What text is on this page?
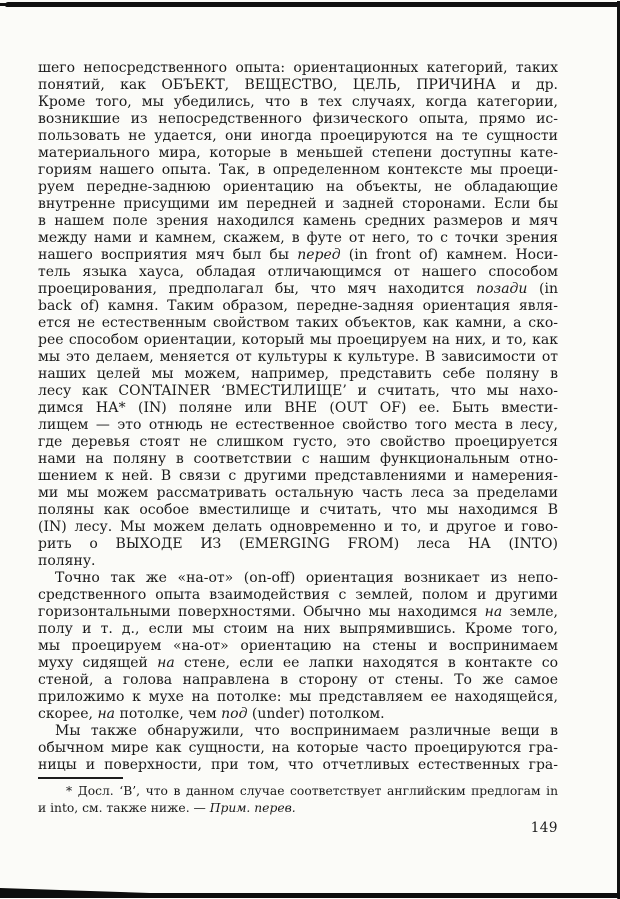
шего непосредственного опыта: ориентационных категорий, таких
понятий, как ОБЪЕКТ, ВЕЩЕСТВО, ЦЕЛЬ, ПРИЧИНА и др.
Кроме того, мы убедились, что в тех случаях, когда категории,
возникшие из непосредственного физического опыта, прямо ис-
пользовать не удается, они иногда проецируются на те сущности
материального мира, которые в меньшей степени доступны кате-
гориям нашего опыта. Так, в определенном контексте мы проеци-
руем передне-заднюю ориентацию на объекты, не обладающие
внутренне присущими им передней и задней сторонами. Если бы
в нашем поле зрения находился камень средних размеров и мяч
между нами и камнем, скажем, в футе от него, то с точки зрения
нашего восприятия мяч был бы перед (in front of) камнем. Носи-
тель языка хауса, обладая отличающимся от нашего способом
проецирования, предполагал бы, что мяч находится позади (in
back of) камня. Таким образом, передне-задняя ориентация явля-
ется не естественным свойством таких объектов, как камни, а ско-
рее способом ориентации, который мы проецируем на них, и то, как
мы это делаем, меняется от культуры к культуре. В зависимости от
наших целей мы можем, например, представить себе поляну в
лесу как CONTAINER ‘ВМЕСТИЛИЩЕ’ и считать, что мы нахо-
димся НА* (IN) поляне или ВНЕ (OUT OF) ее. Быть вмести-
лищем — это отнюдь не естественное свойство того места в лесу,
где деревья стоят не слишком густо, это свойство проецируется
нами на поляну в соответствии с нашим функциональным отно-
шением к ней. В связи с другими представлениями и намерения-
ми мы можем рассматривать остальную часть леса за пределами
поляны как особое вместилище и считать, что мы находимся В
(IN) лесу. Мы можем делать одновременно и то, и другое и гово-
рить о ВЫХОДЕ ИЗ (EMERGING FROM) леса НА (INTO)
поляну.
Точно так же «на-от» (on-off) ориентация возникает из непо-
средственного опыта взаимодействия с землей, полом и другими
горизонтальными поверхностями. Обычно мы находимся на земле,
полу и т. д., если мы стоим на них выпрямившись. Кроме того,
мы проецируем «на-от» ориентацию на стены и воспринимаем
муху сидящей на стене, если ее лапки находятся в контакте со
стеной, а голова направлена в сторону от стены. То же самое
приложимо к мухе на потолке: мы представляем ее находящейся,
скорее, на потолке, чем под (under) потолком.
Мы также обнаружили, что воспринимаем различные вещи в
обычном мире как сущности, на которые часто проецируются гра-
ницы и поверхности, при том, что отчетливых естественных гра-
* Досл. ‘В’, что в данном случае соответствует английским предлогам in
и into, см. также ниже. — Прим. перев.
149
